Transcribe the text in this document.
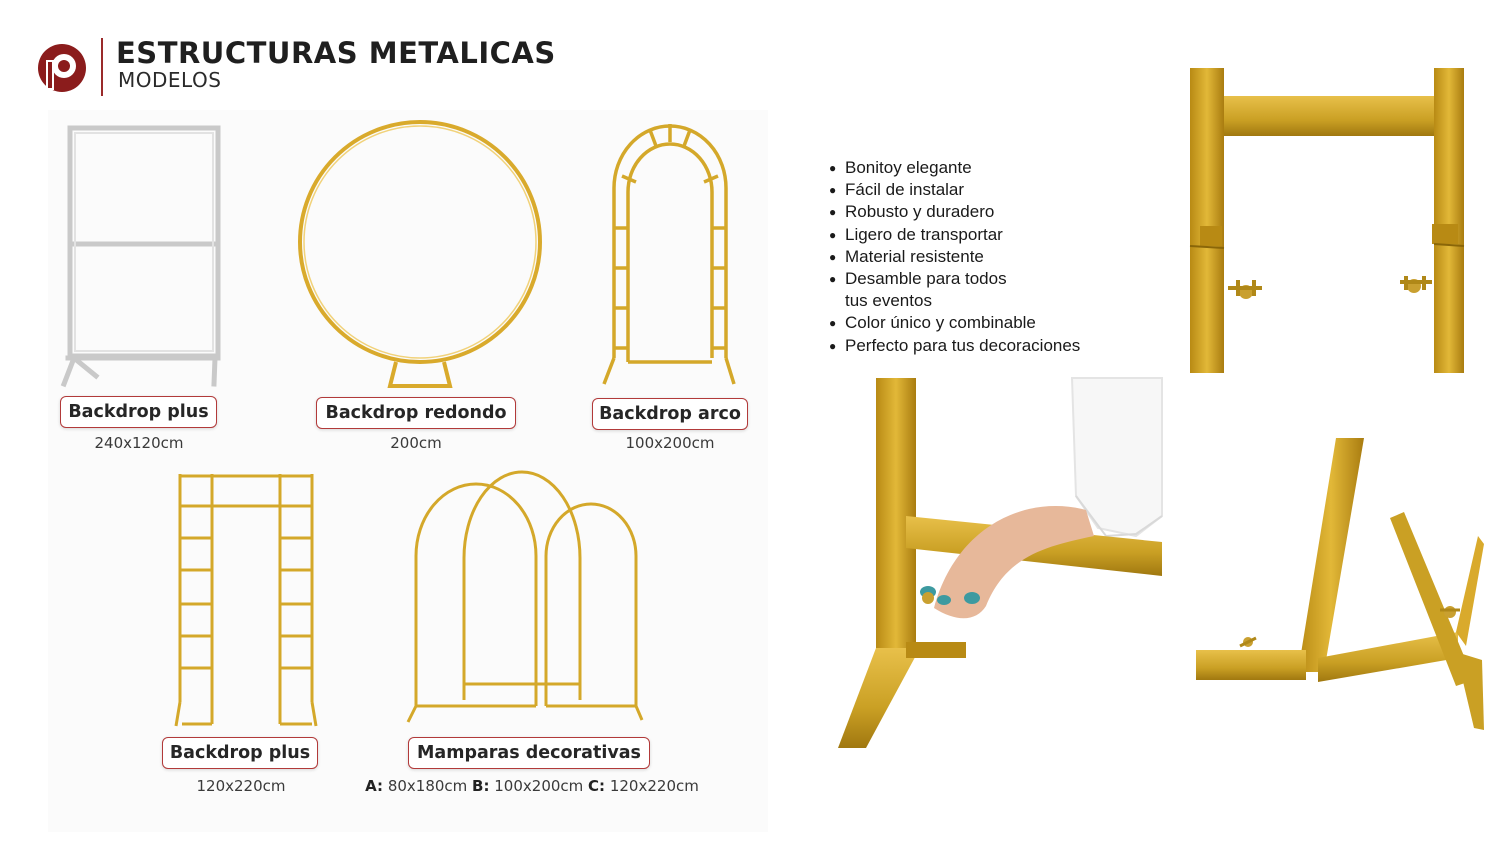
ESTRUCTURAS METALICAS
MODELOS
Backdrop plus
240x120cm
Backdrop redondo
200cm
Backdrop arco
100x200cm
Backdrop plus
120x220cm
Mamparas decorativas
A: 80x180cm B: 100x200cm C: 120x220cm
● Bonitoy elegante
● Fácil de instalar
● Robusto y duradero
● Ligero de transportar
● Material resistente
● Desamble para todos
tus eventos
● Color único y combinable
● Perfecto para tus decoraciones
